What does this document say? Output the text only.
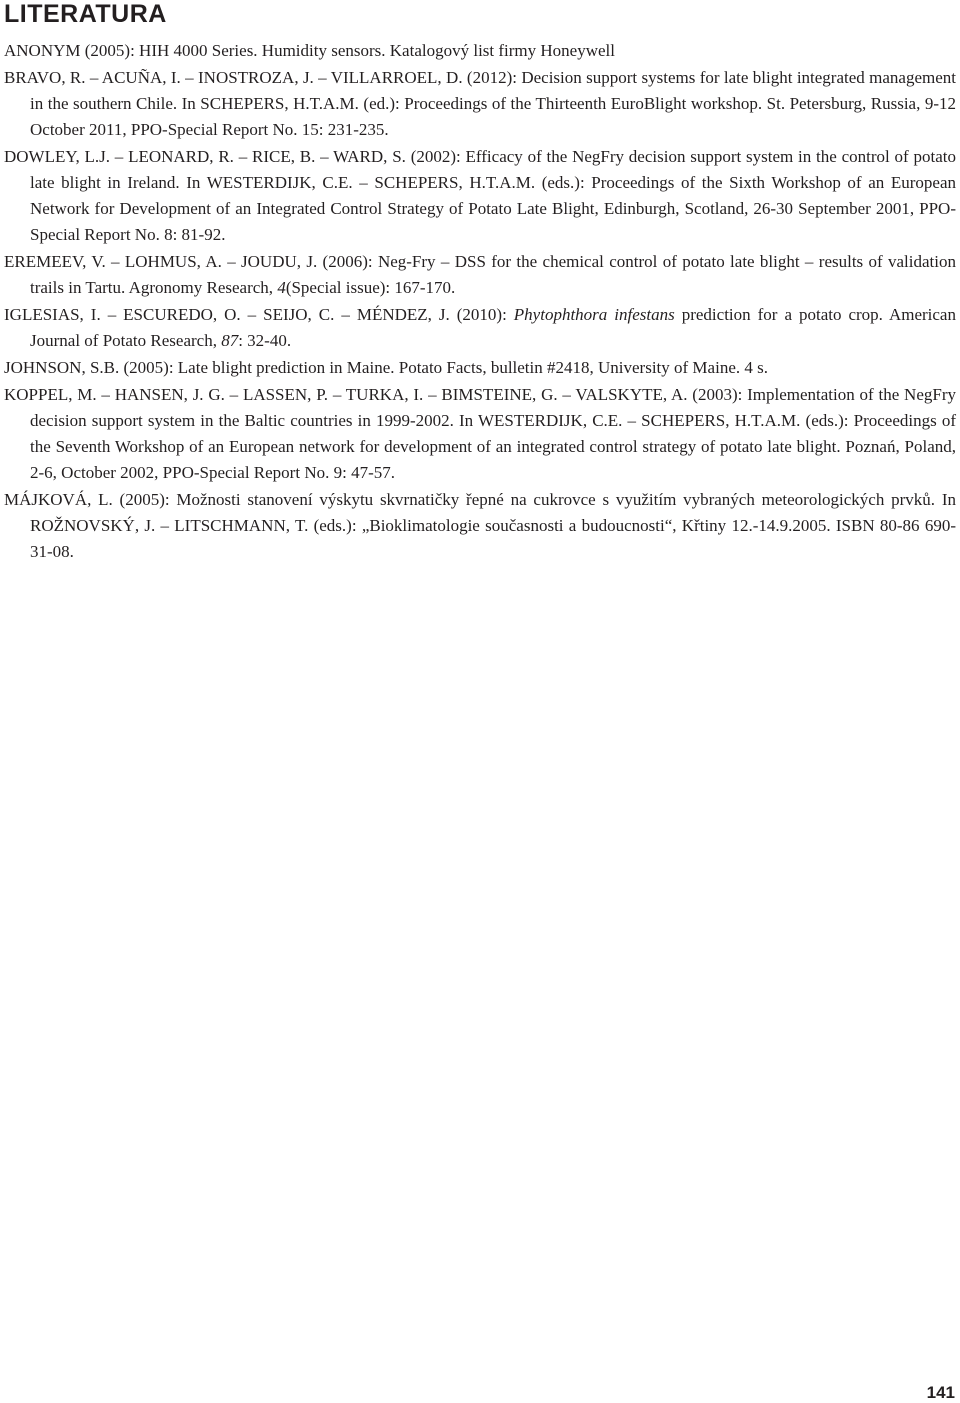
LITERATURA
ANONYM (2005): HIH 4000 Series. Humidity sensors. Katalogový list firmy Honeywell
BRAVO, R. – ACUÑA, I. – INOSTROZA, J. – VILLARROEL, D. (2012): Decision support systems for late blight integrated management in the southern Chile. In SCHEPERS, H.T.A.M. (ed.): Proceedings of the Thirteenth EuroBlight workshop. St. Petersburg, Russia, 9-12 October 2011, PPO-Special Report No. 15: 231-235.
DOWLEY, L.J. – LEONARD, R. – RICE, B. – WARD, S. (2002): Efficacy of the NegFry decision support system in the control of potato late blight in Ireland. In WESTERDIJK, C.E. – SCHEPERS, H.T.A.M. (eds.): Proceedings of the Sixth Workshop of an European Network for Development of an Integrated Control Strategy of Potato Late Blight, Edinburgh, Scotland, 26-30 September 2001, PPO-Special Report No. 8: 81-92.
EREMEEV, V. – LOHMUS, A. – JOUDU, J. (2006): Neg-Fry – DSS for the chemical control of potato late blight – results of validation trails in Tartu. Agronomy Research, 4(Special issue): 167-170.
IGLESIAS, I. – ESCUREDO, O. – SEIJO, C. – MÉNDEZ, J. (2010): Phytophthora infestans prediction for a potato crop. American Journal of Potato Research, 87: 32-40.
JOHNSON, S.B. (2005): Late blight prediction in Maine. Potato Facts, bulletin #2418, University of Maine. 4 s.
KOPPEL, M. – HANSEN, J. G. – LASSEN, P. – TURKA, I. – BIMSTEINE, G. – VALSKYTE, A. (2003): Implementation of the NegFry decision support system in the Baltic countries in 1999-2002. In WESTERDIJK, C.E. – SCHEPERS, H.T.A.M. (eds.): Proceedings of the Seventh Workshop of an European network for development of an integrated control strategy of potato late blight. Poznań, Poland, 2-6, October 2002, PPO-Special Report No. 9: 47-57.
MÁJKOVÁ, L. (2005): Možnosti stanovení výskytu skvrnatičky řepné na cukrovce s využitím vybraných meteorologických prvků. In ROŽNOVSKÝ, J. – LITSCHMANN, T. (eds.): „Bioklimatologie současnosti a budoucnosti“, Křtiny 12.-14.9.2005. ISBN 80-86 690-31-08.
141
